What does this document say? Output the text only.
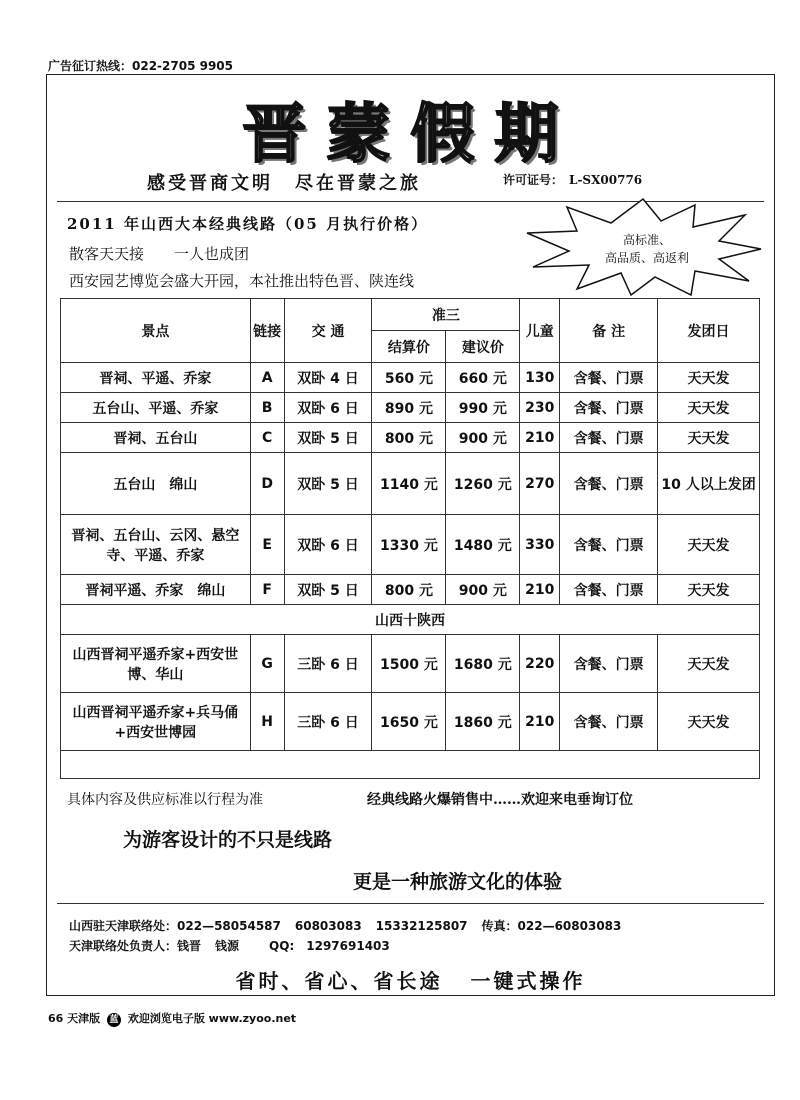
广告征订热线：022-2705 9905
晋蒙假期
感受晋商文明 尽在晋蒙之旅	许可证号： L-SX00776
2011 年山西大本经典线路（05 月执行价格）
散客天天接　　一人也成团
西安园艺博览会盛大开园，本社推出特色晋、陕连线
高标准、
高品质、高返利
景点	链接	交 通	准三		儿童	备 注	发团日
			结算价	建议价			
晋祠、平遥、乔家	A	双卧 4 日	560 元	660 元	130	含餐、门票	天天发
五台山、平遥、乔家	B	双卧 6 日	890 元	990 元	230	含餐、门票	天天发
晋祠、五台山	C	双卧 5 日	800 元	900 元	210	含餐、门票	天天发
五台山　绵山	D	双卧 5 日	1140 元	1260 元	270	含餐、门票	10 人以上发团
晋祠、五台山、云冈、悬空寺、平遥、乔家	E	双卧 6 日	1330 元	1480 元	330	含餐、门票	天天发
晋祠平遥、乔家　绵山	F	双卧 5 日	800 元	900 元	210	含餐、门票	天天发
山西十陕西							
山西晋祠平遥乔家+西安世博、华山	G	三卧 6 日	1500 元	1680 元	220	含餐、门票	天天发
山西晋祠平遥乔家+兵马俑+西安世博园	H	三卧 6 日	1650 元	1860 元	210	含餐、门票	天天发

具体内容及供应标准以行程为准	经典线路火爆销售中……欢迎来电垂询订位
为游客设计的不只是线路
更是一种旅游文化的体验
山西驻天津联络处：022—58054587 60803083 15332125807 传真：022—60803083
天津联络处负责人：钱晋 钱源	QQ:　1297691403
省时、省心、省长途 一键式操作
66 天津版 蓝 欢迎浏览电子版 www.zyoo.net
